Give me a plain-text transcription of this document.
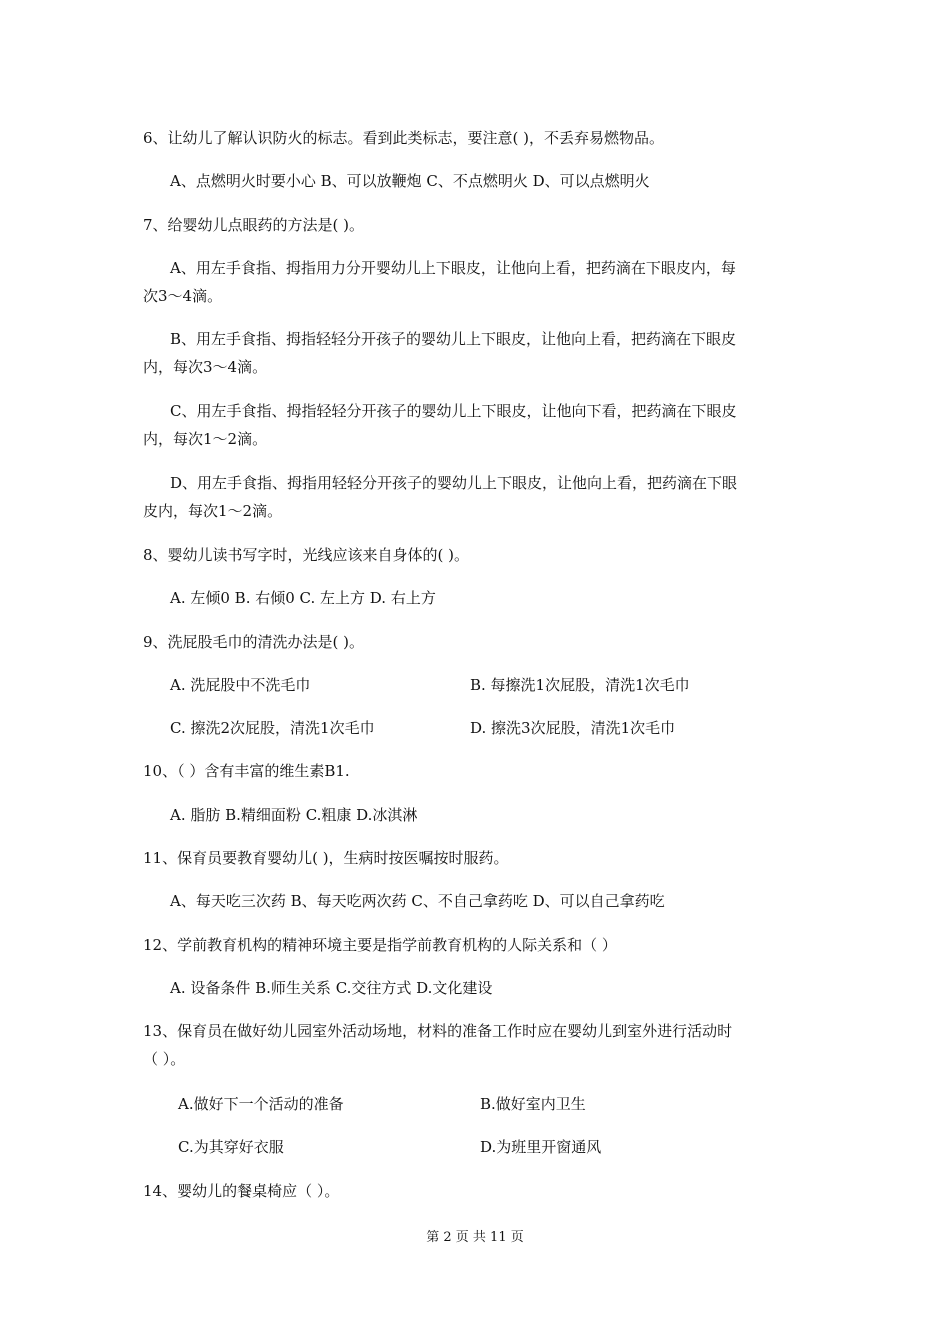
6、让幼儿了解认识防火的标志。看到此类标志，要注意( )，不丢弃易燃物品。
A、点燃明火时要小心 B、可以放鞭炮 C、不点燃明火 D、可以点燃明火
7、给婴幼儿点眼药的方法是( )。
A、用左手食指、拇指用力分开婴幼儿上下眼皮，让他向上看，把药滴在下眼皮内，每
次3～4滴。
B、用左手食指、拇指轻轻分开孩子的婴幼儿上下眼皮，让他向上看，把药滴在下眼皮
内，每次3～4滴。
C、用左手食指、拇指轻轻分开孩子的婴幼儿上下眼皮，让他向下看，把药滴在下眼皮
内，每次1～2滴。
D、用左手食指、拇指用轻轻分开孩子的婴幼儿上下眼皮，让他向上看，把药滴在下眼
皮内，每次1～2滴。
8、婴幼儿读书写字时，光线应该来自身体的( )。
A. 左倾0 B. 右倾0 C. 左上方 D. 右上方
9、洗屁股毛巾的清洗办法是( )。
A. 洗屁股中不洗毛巾	B. 每擦洗1次屁股，清洗1次毛巾
C. 擦洗2次屁股，清洗1次毛巾	D. 擦洗3次屁股，清洗1次毛巾
10、（ ）含有丰富的维生素B1.
A. 脂肪 B.精细面粉 C.粗康 D.冰淇淋
11、保育员要教育婴幼儿( )，生病时按医嘱按时服药。
A、每天吃三次药 B、每天吃两次药 C、不自己拿药吃 D、可以自己拿药吃
12、学前教育机构的精神环境主要是指学前教育机构的人际关系和（ ）
A. 设备条件 B.师生关系 C.交往方式 D.文化建设
13、保育员在做好幼儿园室外活动场地，材料的准备工作时应在婴幼儿到室外进行活动时
（ ）。
A.做好下一个活动的准备	B.做好室内卫生
C.为其穿好衣服	D.为班里开窗通风
14、婴幼儿的餐桌椅应（ ）。
第 2 页 共 11 页
